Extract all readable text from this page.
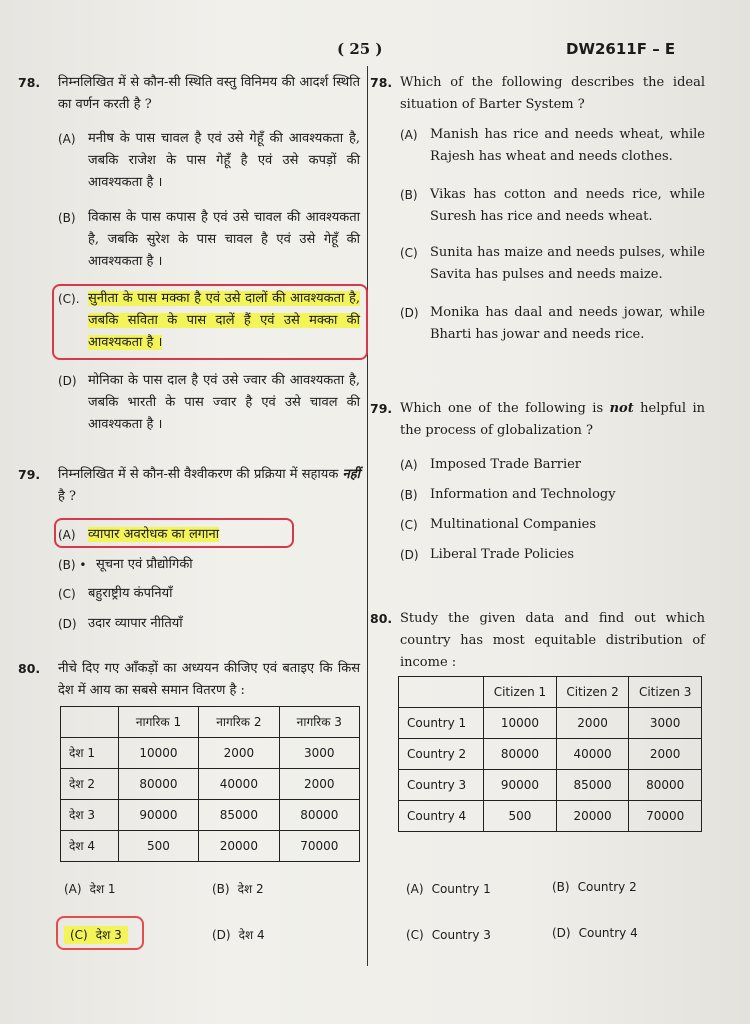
( 25 )	DW2611F – E
78. निम्नलिखित में से कौन-सी स्थिति वस्तु विनिमय की आदर्श स्थिति का वर्णन करती है ?
(A) मनीष के पास चावल है एवं उसे गेहूँ की आवश्यकता है, जबकि राजेश के पास गेहूँ है एवं उसे कपड़ों की आवश्यकता है ।
(B) विकास के पास कपास है एवं उसे चावल की आवश्यकता है, जबकि सुरेश के पास चावल है एवं उसे गेहूँ की आवश्यकता है ।
(C). सुनीता के पास मक्का है एवं उसे दालों की आवश्यकता है, जबकि सविता के पास दालें हैं एवं उसे मक्का की आवश्यकता है ।
(D) मोनिका के पास दाल है एवं उसे ज्वार की आवश्यकता है, जबकि भारती के पास ज्वार है एवं उसे चावल की आवश्यकता है ।
79. निम्नलिखित में से कौन-सी वैश्वीकरण की प्रक्रिया में सहायक नहीं है ?
(A) व्यापार अवरोधक का लगाना
(B) • सूचना एवं प्रौद्योगिकी
(C) बहुराष्ट्रीय कंपनियाँ
(D) उदार व्यापार नीतियाँ
80. नीचे दिए गए आँकड़ों का अध्ययन कीजिए एवं बताइए कि किस देश में आय का सबसे समान वितरण है :
	नागरिक 1	नागरिक 2	नागरिक 3
देश 1	10000	2000	3000
देश 2	80000	40000	2000
देश 3	90000	85000	80000
देश 4	500	20000	70000
(A) देश 1	(B) देश 2
(C) देश 3	(D) देश 4
78. Which of the following describes the ideal situation of Barter System ?
(A) Manish has rice and needs wheat, while Rajesh has wheat and needs clothes.
(B) Vikas has cotton and needs rice, while Suresh has rice and needs wheat.
(C) Sunita has maize and needs pulses, while Savita has pulses and needs maize.
(D) Monika has daal and needs jowar, while Bharti has jowar and needs rice.
79. Which one of the following is not helpful in the process of globalization ?
(A) Imposed Trade Barrier
(B) Information and Technology
(C) Multinational Companies
(D) Liberal Trade Policies
80. Study the given data and find out which country has most equitable distribution of income :
	Citizen 1	Citizen 2	Citizen 3
Country 1	10000	2000	3000
Country 2	80000	40000	2000
Country 3	90000	85000	80000
Country 4	500	20000	70000
(A) Country 1	(B) Country 2
(C) Country 3	(D) Country 4
